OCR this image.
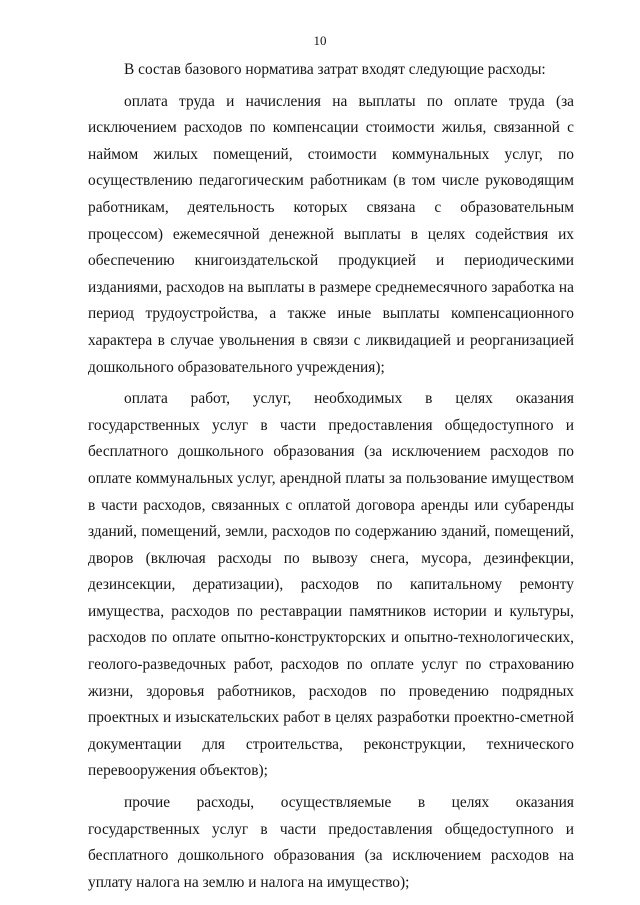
10

В состав базового норматива затрат входят следующие расходы:

оплата труда и начисления на выплаты по оплате труда (за исключением расходов по компенсации стоимости жилья, связанной с наймом жилых помещений, стоимости коммунальных услуг, по осуществлению педагогическим работникам (в том числе руководящим работникам, деятельность которых связана с образовательным процессом) ежемесячной денежной выплаты в целях содействия их обеспечению книгоиздательской продукцией и периодическими изданиями, расходов на выплаты в размере среднемесячного заработка на период трудоустройства, а также иные выплаты компенсационного характера в случае увольнения в связи с ликвидацией и реорганизацией дошкольного образовательного учреждения);

оплата работ, услуг, необходимых в целях оказания государственных услуг в части предоставления общедоступного и бесплатного дошкольного образования (за исключением расходов по оплате коммунальных услуг, арендной платы за пользование имуществом в части расходов, связанных с оплатой договора аренды или субаренды зданий, помещений, земли, расходов по содержанию зданий, помещений, дворов (включая расходы по вывозу снега, мусора, дезинфекции, дезинсекции, дератизации), расходов по капитальному ремонту имущества, расходов по реставрации памятников истории и культуры, расходов по оплате опытно-конструкторских и опытно-технологических, геолого-разведочных работ, расходов по оплате услуг по страхованию жизни, здоровья работников, расходов по проведению подрядных проектных и изыскательских работ в целях разработки проектно-сметной документации для строительства, реконструкции, технического перевооружения объектов);

прочие расходы, осуществляемые в целях оказания государственных услуг в части предоставления общедоступного и бесплатного дошкольного образования (за исключением расходов на уплату налога на землю и налога на имущество);
